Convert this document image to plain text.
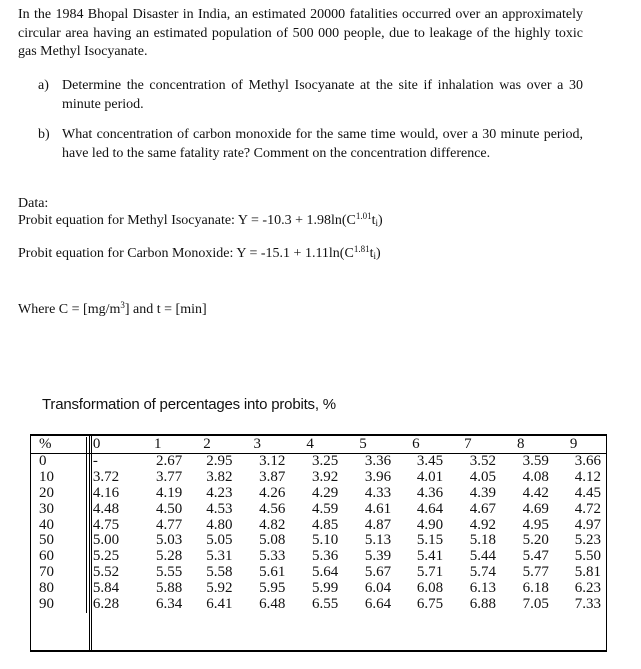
In the 1984 Bhopal Disaster in India, an estimated 20000 fatalities occurred over an approximately circular area having an estimated population of 500 000 people, due to leakage of the highly toxic gas Methyl Isocyanate.
a) Determine the concentration of Methyl Isocyanate at the site if inhalation was over a 30 minute period.
b) What concentration of carbon monoxide for the same time would, over a 30 minute period, have led to the same fatality rate? Comment on the concentration difference.
Data:
Probit equation for Methyl Isocyanate: $Y = -10.3 + 1.98\ln(C^{1.01}t_i)$
Probit equation for Carbon Monoxide: $Y = -15.1 + 1.11\ln(C^{1.81}t_i)$
Where $C = [mg/m^3]$ and t = [min]
Transformation of percentages into probits, %
%	0	1	2	3	4	5	6	7	8	9
0	-	2.67	2.95	3.12	3.25	3.36	3.45	3.52	3.59	3.66
10	3.72	3.77	3.82	3.87	3.92	3.96	4.01	4.05	4.08	4.12
20	4.16	4.19	4.23	4.26	4.29	4.33	4.36	4.39	4.42	4.45
30	4.48	4.50	4.53	4.56	4.59	4.61	4.64	4.67	4.69	4.72
40	4.75	4.77	4.80	4.82	4.85	4.87	4.90	4.92	4.95	4.97
50	5.00	5.03	5.05	5.08	5.10	5.13	5.15	5.18	5.20	5.23
60	5.25	5.28	5.31	5.33	5.36	5.39	5.41	5.44	5.47	5.50
70	5.52	5.55	5.58	5.61	5.64	5.67	5.71	5.74	5.77	5.81
80	5.84	5.88	5.92	5.95	5.99	6.04	6.08	6.13	6.18	6.23
90	6.28	6.34	6.41	6.48	6.55	6.64	6.75	6.88	7.05	7.33
